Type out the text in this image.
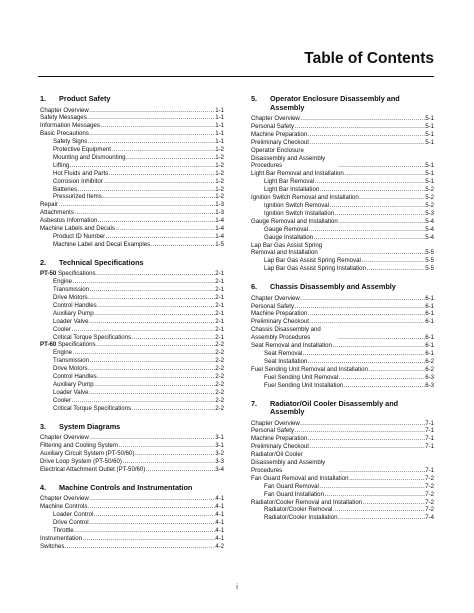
Table of Contents
1.	Product Safety
Chapter Overview .....	1-1
Safety Messages .....	1-1
Information Messages .....	1-1
Basic Precautions .....	1-1
Safety Signs .....	1-1
Protective Equipment .....	1-2
Mounting and Dismounting .....	1-2
Lifting .....	1-2
Hot Fluids and Parts .....	1-2
Corrosion Inhibitor .....	1-2
Batteries .....	1-2
Pressurized Items .....	1-2
Repair .....	1-3
Attachments .....	1-3
Asbestos Information .....	1-4
Machine Labels and Decals .....	1-4
Product ID Number .....	1-4
Machine Label and Decal Examples .....	1-5
2.	Technical Specifications
PT-50 Specifications .....	2-1
Engine .....	2-1
Transmission .....	2-1
Drive Motors .....	2-1
Control Handles .....	2-1
Auxiliary Pump .....	2-1
Loader Valve .....	2-1
Cooler .....	2-1
Critical Torque Specifications .....	2-1
PT-60 Specifications .....	2-2
Engine .....	2-2
Transmission .....	2-2
Drive Motors .....	2-2
Control Handles .....	2-2
Auxiliary Pump .....	2-2
Loader Valve .....	2-2
Cooler .....	2-2
Critical Torque Specifications .....	2-2
3.	System Diagrams
Chapter Overview .....	3-1
Filtering and Cooling System .....	3-1
Auxiliary Circuit System (PT-50/60) .....	3-2
Drive Loop System (PT-50/60) .....	3-3
Electrical Attachment Outlet (PT-50/60) .....	3-4
4.	Machine Controls and Instrumentation
Chapter Overview .....	4-1
Machine Controls .....	4-1
Loader Control .....	4-1
Drive Control .....	4-1
Throttle .....	4-1
Instrumentation .....	4-1
Switches .....	4-2
5.	Operator Enclosure Disassembly and Assembly
Chapter Overview .....	5-1
Personal Safety .....	5-1
Machine Preparation .....	5-1
Preliminary Checkout .....	5-1
Operator Enclosure Disassembly and Assembly Procedures .....	5-1
Light Bar Removal and Installation .....	5-1
Light Bar Removal .....	5-1
Light Bar Installation .....	5-2
Ignition Switch Removal and Installation .....	5-2
Ignition Switch Removal .....	5-2
Ignition Switch Installation .....	5-3
Gauge Removal and Installation .....	5-4
Gauge Removal .....	5-4
Gauge Installation .....	5-4
Lap Bar Gas Assist Spring Removal and Installation .....	5-5
Lap Bar Gas Assist Spring Removal .....	5-5
Lap Bar Gas Assist Spring Installation .....	5-5
6.	Chassis Disassembly and Assembly
Chapter Overview .....	6-1
Personal Safety .....	6-1
Machine Preparation .....	6-1
Preliminary Checkout .....	6-1
Chassis Disassembly and Assembly Procedures .....	6-1
Seat Removal and Installation .....	6-1
Seat Removal .....	6-1
Seat Installation .....	6-2
Fuel Sending Unit Removal and Installation .....	6-2
Fuel Sending Unit Removal .....	6-3
Fuel Sending Unit Installation .....	6-3
7.	Radiator/Oil Cooler Disassembly and Assembly
Chapter Overview .....	7-1
Personal Safety .....	7-1
Machine Preparation .....	7-1
Preliminary Checkout .....	7-1
Radiator/Oil Cooler Disassembly and Assembly Procedures .....	7-1
Fan Guard Removal and Installation .....	7-2
Fan Guard Removal .....	7-2
Fan Guard Installation .....	7-2
Radiator/Cooler Removal and Installation .....	7-2
Radiator/Cooler Removal .....	7-2
Radiator/Cooler Installation .....	7-4
i
